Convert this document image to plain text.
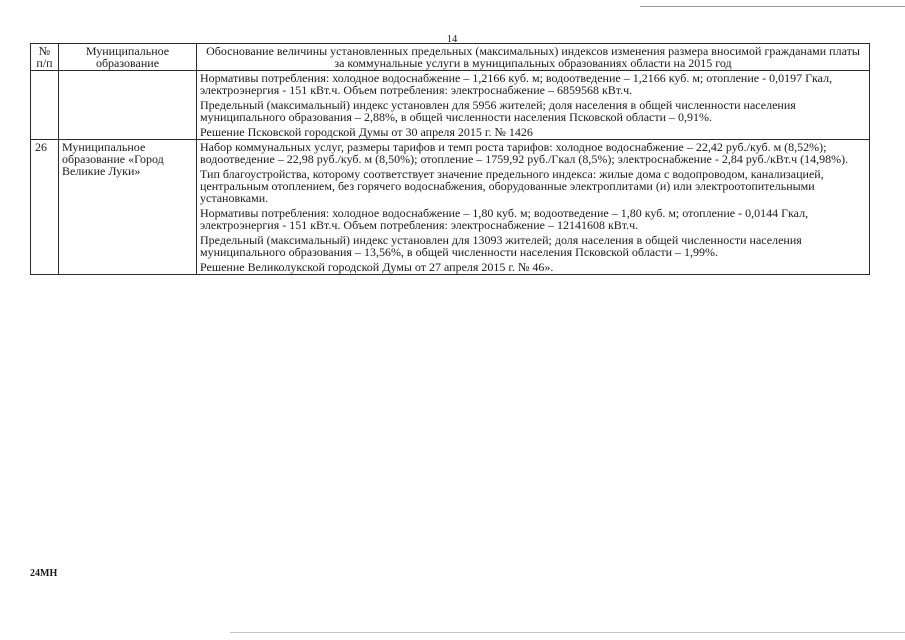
14
№
п/п	Муниципальное образование	Обоснование величины установленных предельных (максимальных) индексов изменения размера вносимой гражданами платы за коммунальные услуги в муниципальных образованиях области на 2015 год

		Нормативы потребления: холодное водоснабжение – 1,2166 куб. м; водоотведение – 1,2166 куб. м; отопление - 0,0197 Гкал, электроэнергия - 151 кВт.ч. Объем потребления: электроснабжение – 6859568 кВт.ч.

Предельный (максимальный) индекс установлен для 5956 жителей; доля населения в общей численности населения муниципального образования – 2,88%, в общей численности населения Псковской области – 0,91%.

Решение Псковской городской Думы от 30 апреля 2015 г. № 1426

26	Муниципальное образование «Город Великие Луки»	Набор коммунальных услуг, размеры тарифов и темп роста тарифов: холодное водоснабжение – 22,42 руб./куб. м (8,52%); водоотведение – 22,98 руб./куб. м (8,50%); отопление – 1759,92 руб./Гкал (8,5%); электроснабжение - 2,84 руб./кВт.ч (14,98%).

Тип благоустройства, которому соответствует значение предельного индекса: жилые дома с водопроводом, канализацией, центральным отоплением, без горячего водоснабжения, оборудованные электроплитами (и) или электроотопительными установками.

Нормативы потребления: холодное водоснабжение – 1,80 куб. м; водоотведение – 1,80 куб. м; отопление - 0,0144 Гкал, электроэнергия - 151 кВт.ч. Объем потребления: электроснабжение – 12141608 кВт.ч.

Предельный (максимальный) индекс установлен для 13093 жителей; доля населения в общей численности населения муниципального образования – 13,56%, в общей численности населения Псковской области – 1,99%.

Решение Великолукской городской Думы от 27 апреля 2015 г. № 46».

24МН
